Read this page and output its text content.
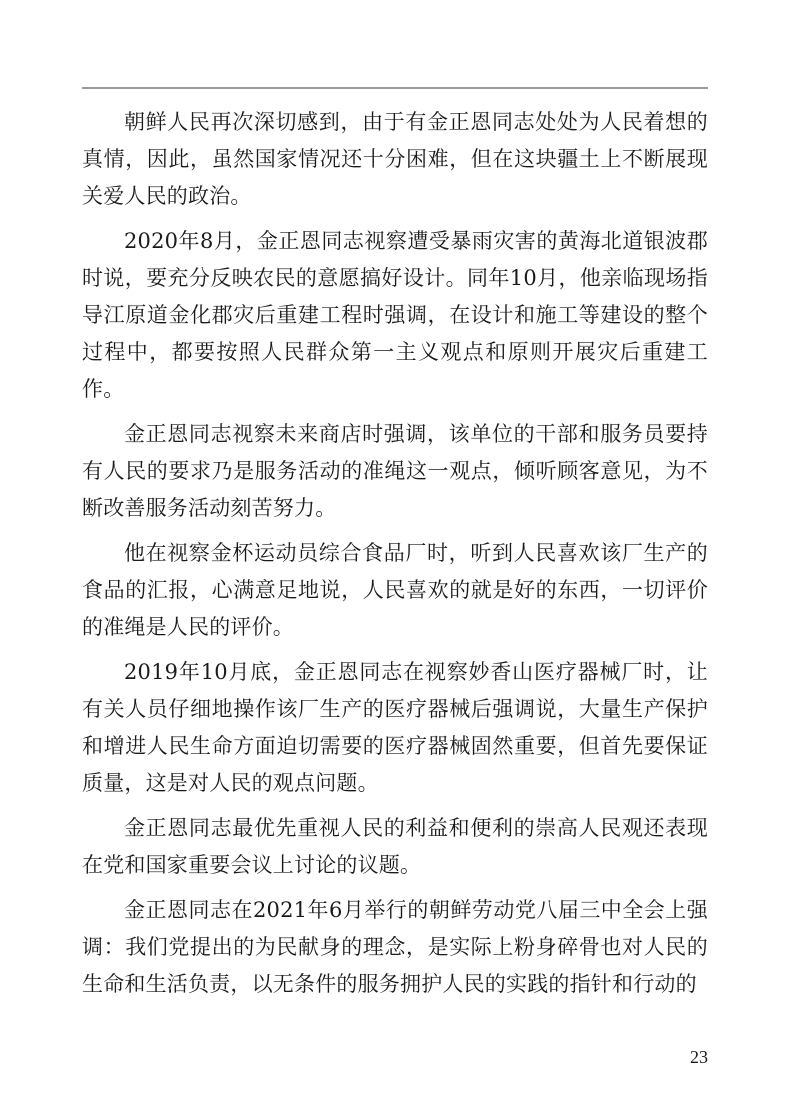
朝鲜人民再次深切感到，由于有金正恩同志处处为人民着想的真情，因此，虽然国家情况还十分困难，但在这块疆土上不断展现关爱人民的政治。

2020年8月，金正恩同志视察遭受暴雨灾害的黄海北道银波郡时说，要充分反映农民的意愿搞好设计。同年10月，他亲临现场指导江原道金化郡灾后重建工程时强调，在设计和施工等建设的整个过程中，都要按照人民群众第一主义观点和原则开展灾后重建工作。

金正恩同志视察未来商店时强调，该单位的干部和服务员要持有人民的要求乃是服务活动的准绳这一观点，倾听顾客意见，为不断改善服务活动刻苦努力。

他在视察金杯运动员综合食品厂时，听到人民喜欢该厂生产的食品的汇报，心满意足地说，人民喜欢的就是好的东西，一切评价的准绳是人民的评价。

2019年10月底，金正恩同志在视察妙香山医疗器械厂时，让有关人员仔细地操作该厂生产的医疗器械后强调说，大量生产保护和增进人民生命方面迫切需要的医疗器械固然重要，但首先要保证质量，这是对人民的观点问题。

金正恩同志最优先重视人民的利益和便利的崇高人民观还表现在党和国家重要会议上讨论的议题。

金正恩同志在2021年6月举行的朝鲜劳动党八届三中全会上强调：我们党提出的为民献身的理念，是实际上粉身碎骨也对人民的生命和生活负责，以无条件的服务拥护人民的实践的指针和行动的

23
